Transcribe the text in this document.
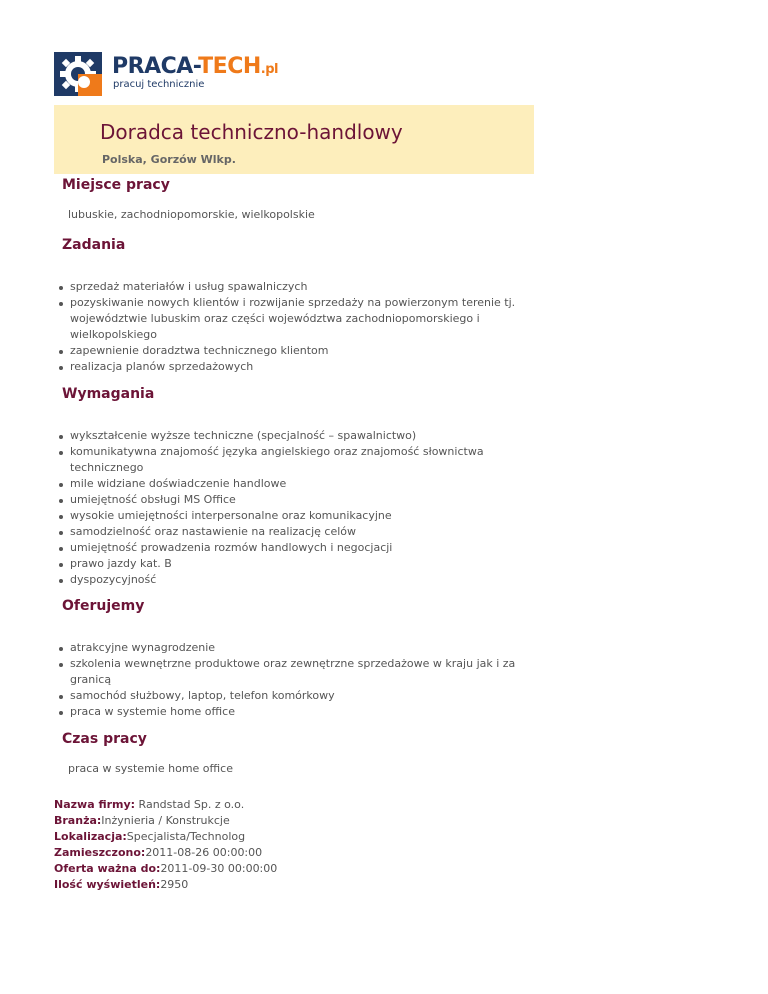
PRACA-TECH.pl
pracuj technicznie
Doradca techniczno-handlowy
Polska, Gorzów Wlkp.
Miejsce pracy
lubuskie, zachodniopomorskie, wielkopolskie
Zadania
sprzedaż materiałów i usług spawalniczych
pozyskiwanie nowych klientów i rozwijanie sprzedaży na powierzonym terenie tj. województwie lubuskim oraz części województwa zachodniopomorskiego i wielkopolskiego
zapewnienie doradztwa technicznego klientom
realizacja planów sprzedażowych
Wymagania
wykształcenie wyższe techniczne (specjalność – spawalnictwo)
komunikatywna znajomość języka angielskiego oraz znajomość słownictwa technicznego
mile widziane doświadczenie handlowe
umiejętność obsługi MS Office
wysokie umiejętności interpersonalne oraz komunikacyjne
samodzielność oraz nastawienie na realizację celów
umiejętność prowadzenia rozmów handlowych i negocjacji
prawo jazdy kat. B
dyspozycyjność
Oferujemy
atrakcyjne wynagrodzenie
szkolenia wewnętrzne produktowe oraz zewnętrzne sprzedażowe w kraju jak i za granicą
samochód służbowy, laptop, telefon komórkowy
praca w systemie home office
Czas pracy
praca w systemie home office
Nazwa firmy: Randstad Sp. z o.o.
Branża:Inżynieria / Konstrukcje
Lokalizacja:Specjalista/Technolog
Zamieszczono:2011-08-26 00:00:00
Oferta ważna do:2011-09-30 00:00:00
Ilość wyświetleń:2950
